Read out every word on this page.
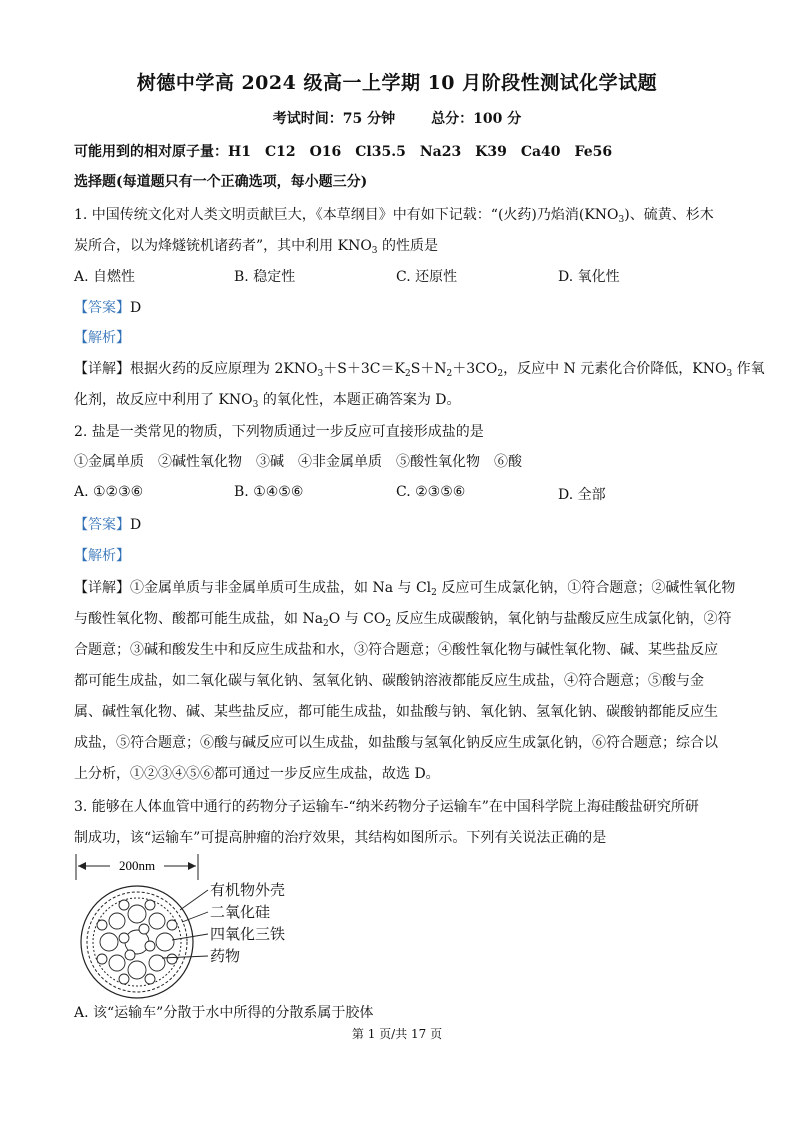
树德中学高 2024 级高一上学期 10 月阶段性测试化学试题
考试时间：75 分钟	总分：100 分
可能用到的相对原子量：H1　C12　O16　Cl35.5　Na23　K39　Ca40　Fe56
选择题(每道题只有一个正确选项，每小题三分)
1. 中国传统文化对人类文明贡献巨大，《本草纲目》中有如下记载：“(火药)乃焰消$(KNO_3)$、硫黄、杉木
炭所合，以为烽燧铳机诸药者”，其中利用 $KNO_3$ 的性质是
A. 自燃性	B. 稳定性	C. 还原性	D. 氧化性
【答案】D
【解析】
【详解】根据火药的反应原理为 $2KNO_3+S+3C=K_2S+N_2+3CO_2$，反应中 N 元素化合价降低，$KNO_3$ 作氧
化剂，故反应中利用了 $KNO_3$ 的氧化性，本题正确答案为 D。
2. 盐是一类常见的物质，下列物质通过一步反应可直接形成盐的是
①金属单质　②碱性氧化物　③碱　④非金属单质　⑤酸性氧化物　⑥酸
A. ①②③⑥	B. ①④⑤⑥	C. ②③⑤⑥	D. 全部
【答案】D
【解析】
【详解】①金属单质与非金属单质可生成盐，如 Na 与 $Cl_2$ 反应可生成氯化钠，①符合题意；②碱性氧化物
与酸性氧化物、酸都可能生成盐，如 $Na_2O$ 与 $CO_2$ 反应生成碳酸钠，氧化钠与盐酸反应生成氯化钠，②符
合题意；③碱和酸发生中和反应生成盐和水，③符合题意；④酸性氧化物与碱性氧化物、碱、某些盐反应
都可能生成盐，如二氧化碳与氧化钠、氢氧化钠、碳酸钠溶液都能反应生成盐，④符合题意；⑤酸与金
属、碱性氧化物、碱、某些盐反应，都可能生成盐，如盐酸与钠、氧化钠、氢氧化钠、碳酸钠都能反应生
成盐，⑤符合题意；⑥酸与碱反应可以生成盐，如盐酸与氢氧化钠反应生成氯化钠，⑥符合题意；综合以
上分析，①②③④⑤⑥都可通过一步反应生成盐，故选 D。
3. 能够在人体血管中通行的药物分子运输车-“纳米药物分子运输车”在中国科学院上海硅酸盐研究所研
制成功，该“运输车”可提高肿瘤的治疗效果，其结构如图所示。下列有关说法正确的是
200nm
有机物外壳
二氧化硅
四氧化三铁
药物
A. 该“运输车”分散于水中所得的分散系属于胶体
第 1 页/共 17 页
